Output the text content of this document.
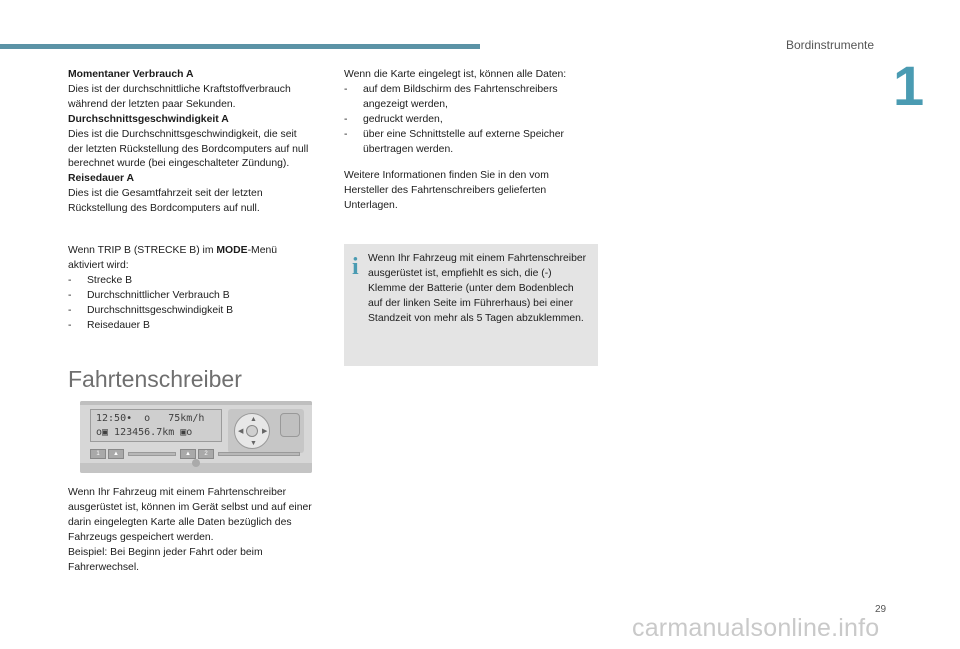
Bordinstrumente
1
Momentaner Verbrauch A
Dies ist der durchschnittliche Kraftstoffverbrauch
während der letzten paar Sekunden.
Durchschnittsgeschwindigkeit A
Dies ist die Durchschnittsgeschwindigkeit, die seit
der letzten Rückstellung des Bordcomputers auf null
berechnet wurde (bei eingeschalteter Zündung).
Reisedauer A
Dies ist die Gesamtfahrzeit seit der letzten
Rückstellung des Bordcomputers auf null.
Wenn TRIP B (STRECKE B) im MODE-Menü
aktiviert wird:
-	Strecke B
-	Durchschnittlicher Verbrauch B
-	Durchschnittsgeschwindigkeit B
-	Reisedauer B
Fahrtenschreiber
12:50•  o   75km/h
o▣ 123456.7km ▣o
▲
▼
◀	▶
1	▲	▲	2
Wenn Ihr Fahrzeug mit einem Fahrtenschreiber
ausgerüstet ist, können im Gerät selbst und auf einer
darin eingelegten Karte alle Daten bezüglich des
Fahrzeugs gespeichert werden.
Beispiel: Bei Beginn jeder Fahrt oder beim
Fahrerwechsel.
Wenn die Karte eingelegt ist, können alle Daten:
-	auf dem Bildschirm des Fahrtenschreibers
angezeigt werden,
-	gedruckt werden,
-	über eine Schnittstelle auf externe Speicher
übertragen werden.
Weitere Informationen finden Sie in den vom
Hersteller des Fahrtenschreibers gelieferten
Unterlagen.
i Wenn Ihr Fahrzeug mit einem Fahrtenschreiber
ausgerüstet ist, empfiehlt es sich, die (-)
Klemme der Batterie (unter dem Bodenblech
auf der linken Seite im Führerhaus) bei einer
Standzeit von mehr als 5 Tagen abzuklemmen.
29
carmanualsonline.info
